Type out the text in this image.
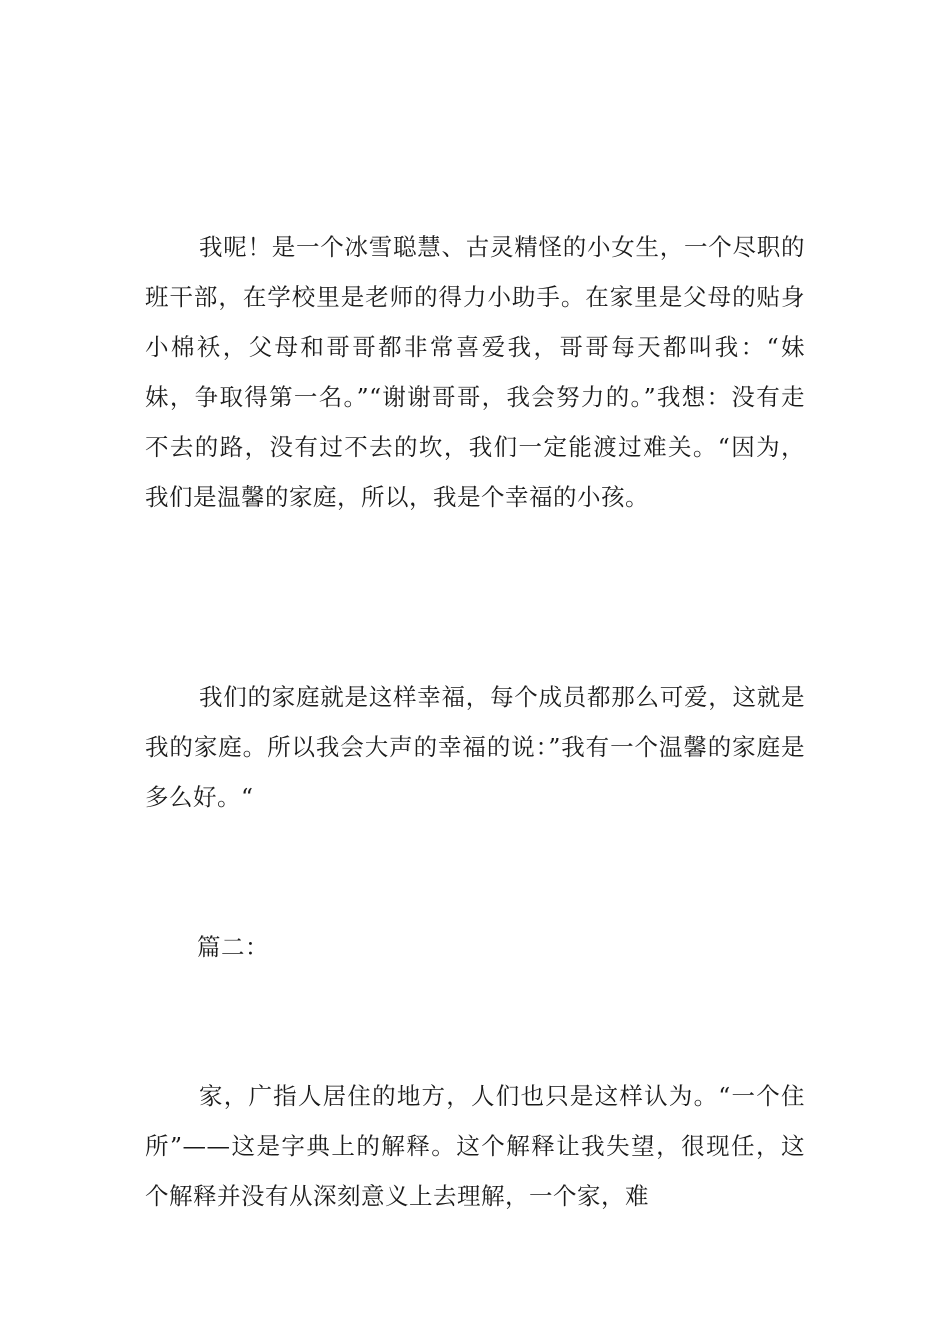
我呢！是一个冰雪聪慧、古灵精怪的小女生，一个尽职的班干部，在学校里是老师的得力小助手。在家里是父母的贴身小棉袄，父母和哥哥都非常喜爱我，哥哥每天都叫我：“妹妹，争取得第一名。”“谢谢哥哥，我会努力的。”我想：没有走不去的路，没有过不去的坎，我们一定能渡过难关。“因为，我们是温馨的家庭，所以，我是个幸福的小孩。

我们的家庭就是这样幸福，每个成员都那么可爱，这就是我的家庭。所以我会大声的幸福的说：”我有一个温馨的家庭是多么好。“

篇二：

家，广指人居住的地方，人们也只是这样认为。“一个住所”——这是字典上的解释。这个解释让我失望，很现任，这个解释并没有从深刻意义上去理解，一个家，难
